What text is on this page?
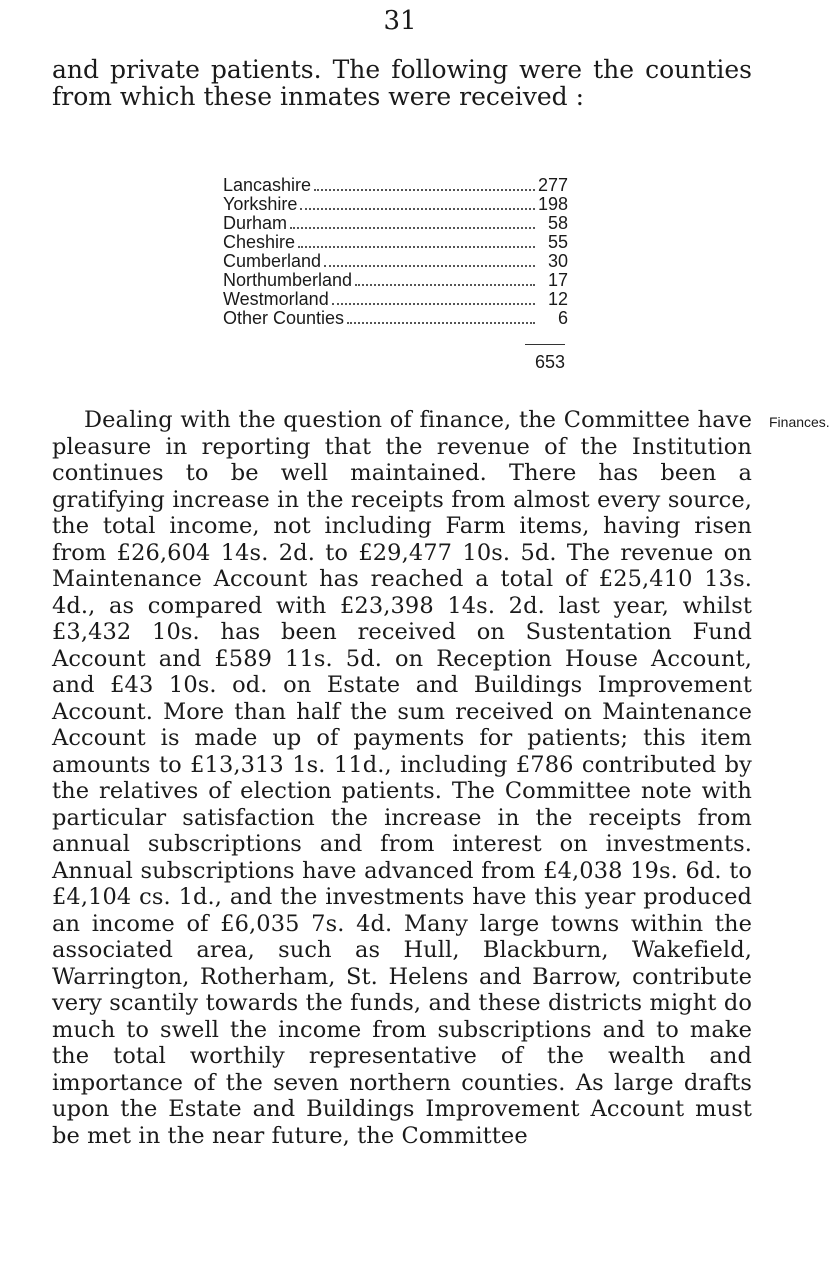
31
and private patients. The following were the counties from which these inmates were received :
Lancashire	277
Yorkshire	198
Durham	58
Cheshire	55
Cumberland	30
Northumberland	17
Westmorland	12
Other Counties	6
653
Finances.
Dealing with the question of finance, the Committee have pleasure in reporting that the revenue of the Institution continues to be well maintained. There has been a gratifying increase in the receipts from almost every source, the total income, not including Farm items, having risen from £26,604 14s. 2d. to £29,477 10s. 5d. The revenue on Maintenance Account has reached a total of £25,410 13s. 4d., as compared with £23,398 14s. 2d. last year, whilst £3,432 10s. has been received on Sustentation Fund Account and £589 11s. 5d. on Reception House Account, and £43 10s. od. on Estate and Buildings Improvement Account. More than half the sum received on Maintenance Account is made up of payments for patients; this item amounts to £13,313 1s. 11d., including £786 contributed by the relatives of election patients. The Committee note with particular satisfaction the increase in the receipts from annual subscriptions and from interest on investments. Annual subscriptions have advanced from £4,038 19s. 6d. to £4,104 cs. 1d., and the investments have this year produced an income of £6,035 7s. 4d. Many large towns within the associated area, such as Hull, Blackburn, Wakefield, Warrington, Rotherham, St. Helens and Barrow, contribute very scantily towards the funds, and these districts might do much to swell the income from subscriptions and to make the total worthily representative of the wealth and importance of the seven northern counties. As large drafts upon the Estate and Buildings Improvement Account must be met in the near future, the Committee
